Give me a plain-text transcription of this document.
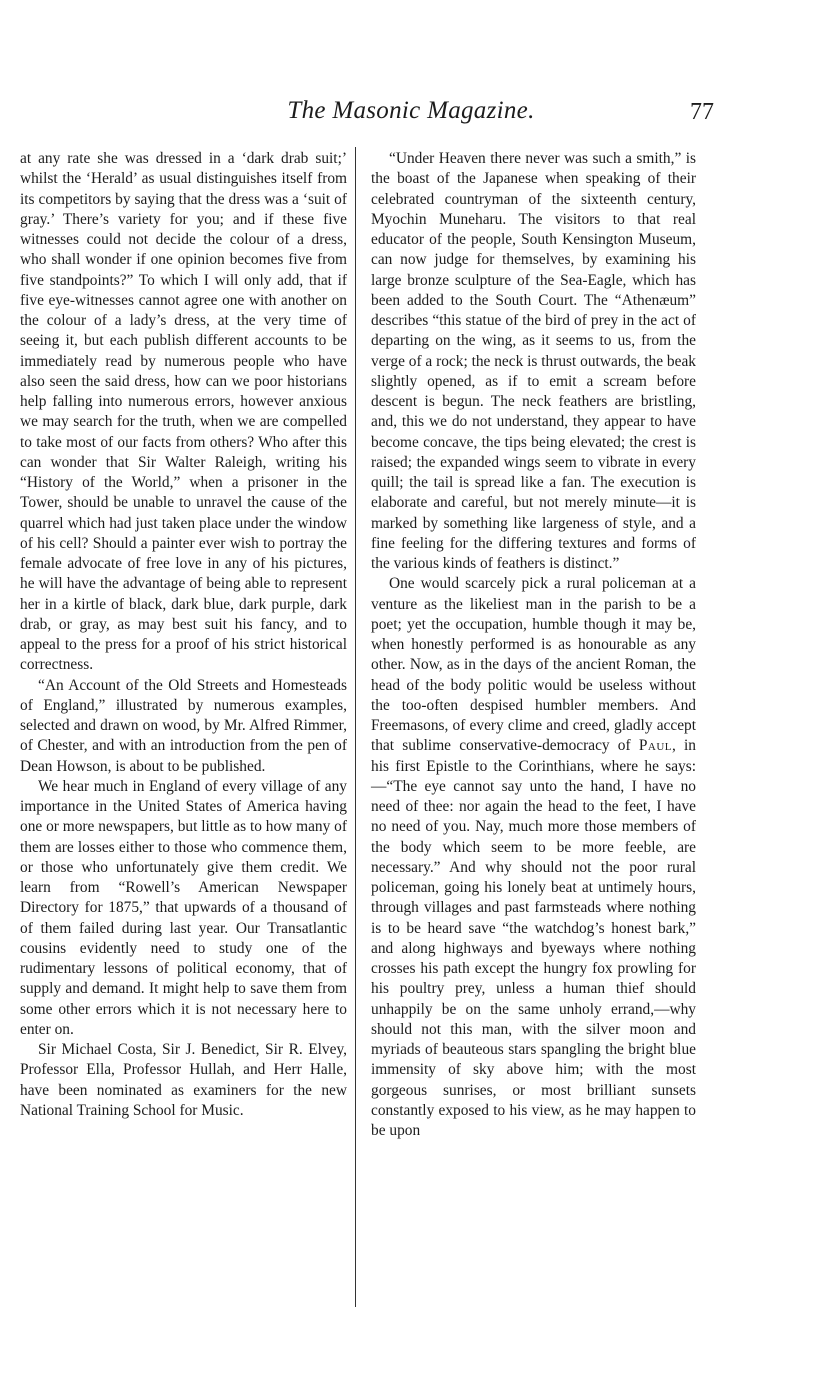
The Masonic Magazine.	77

at any rate she was dressed in a ‘dark drab suit;’ whilst the ‘Herald’ as usual distinguishes itself from its competitors by saying that the dress was a ‘suit of gray.’ There’s variety for you; and if these five witnesses could not decide the colour of a dress, who shall wonder if one opinion becomes five from five standpoints?” To which I will only add, that if five eye-witnesses cannot agree one with another on the colour of a lady’s dress, at the very time of seeing it, but each publish different accounts to be immediately read by numerous people who have also seen the said dress, how can we poor historians help falling into numerous errors, however anxious we may search for the truth, when we are compelled to take most of our facts from others? Who after this can wonder that Sir Walter Raleigh, writing his “History of the World,” when a prisoner in the Tower, should be unable to unravel the cause of the quarrel which had just taken place under the window of his cell? Should a painter ever wish to portray the female advocate of free love in any of his pictures, he will have the advantage of being able to represent her in a kirtle of black, dark blue, dark purple, dark drab, or gray, as may best suit his fancy, and to appeal to the press for a proof of his strict historical correctness.

“An Account of the Old Streets and Homesteads of England,” illustrated by numerous examples, selected and drawn on wood, by Mr. Alfred Rimmer, of Chester, and with an introduction from the pen of Dean Howson, is about to be published.

We hear much in England of every village of any importance in the United States of America having one or more newspapers, but little as to how many of them are losses either to those who commence them, or those who unfortunately give them credit. We learn from “Rowell’s American Newspaper Directory for 1875,” that upwards of a thousand of of them failed during last year. Our Transatlantic cousins evidently need to study one of the rudimentary lessons of political economy, that of supply and demand. It might help to save them from some other errors which it is not necessary here to enter on.

Sir Michael Costa, Sir J. Benedict, Sir R. Elvey, Professor Ella, Professor Hullah, and Herr Halle, have been nominated as examiners for the new National Training School for Music.

“Under Heaven there never was such a smith,” is the boast of the Japanese when speaking of their celebrated countryman of the sixteenth century, Myochin Muneharu. The visitors to that real educator of the people, South Kensington Museum, can now judge for themselves, by examining his large bronze sculpture of the Sea-Eagle, which has been added to the South Court. The “Athenæum” describes “this statue of the bird of prey in the act of departing on the wing, as it seems to us, from the verge of a rock; the neck is thrust outwards, the beak slightly opened, as if to emit a scream before descent is begun. The neck feathers are bristling, and, this we do not understand, they appear to have become concave, the tips being elevated; the crest is raised; the expanded wings seem to vibrate in every quill; the tail is spread like a fan. The execution is elaborate and careful, but not merely minute—it is marked by something like largeness of style, and a fine feeling for the differing textures and forms of the various kinds of feathers is distinct.”

One would scarcely pick a rural policeman at a venture as the likeliest man in the parish to be a poet; yet the occupation, humble though it may be, when honestly performed is as honourable as any other. Now, as in the days of the ancient Roman, the head of the body politic would be useless without the too-often despised humbler members. And Freemasons, of every clime and creed, gladly accept that sublime conservative-democracy of Paul, in his first Epistle to the Corinthians, where he says:—“The eye cannot say unto the hand, I have no need of thee: nor again the head to the feet, I have no need of you. Nay, much more those members of the body which seem to be more feeble, are necessary.” And why should not the poor rural policeman, going his lonely beat at untimely hours, through villages and past farmsteads where nothing is to be heard save “the watchdog’s honest bark,” and along highways and byeways where nothing crosses his path except the hungry fox prowling for his poultry prey, unless a human thief should unhappily be on the same unholy errand,—why should not this man, with the silver moon and myriads of beauteous stars spangling the bright blue immensity of sky above him; with the most gorgeous sunrises, or most brilliant sunsets constantly exposed to his view, as he may happen to be upon
